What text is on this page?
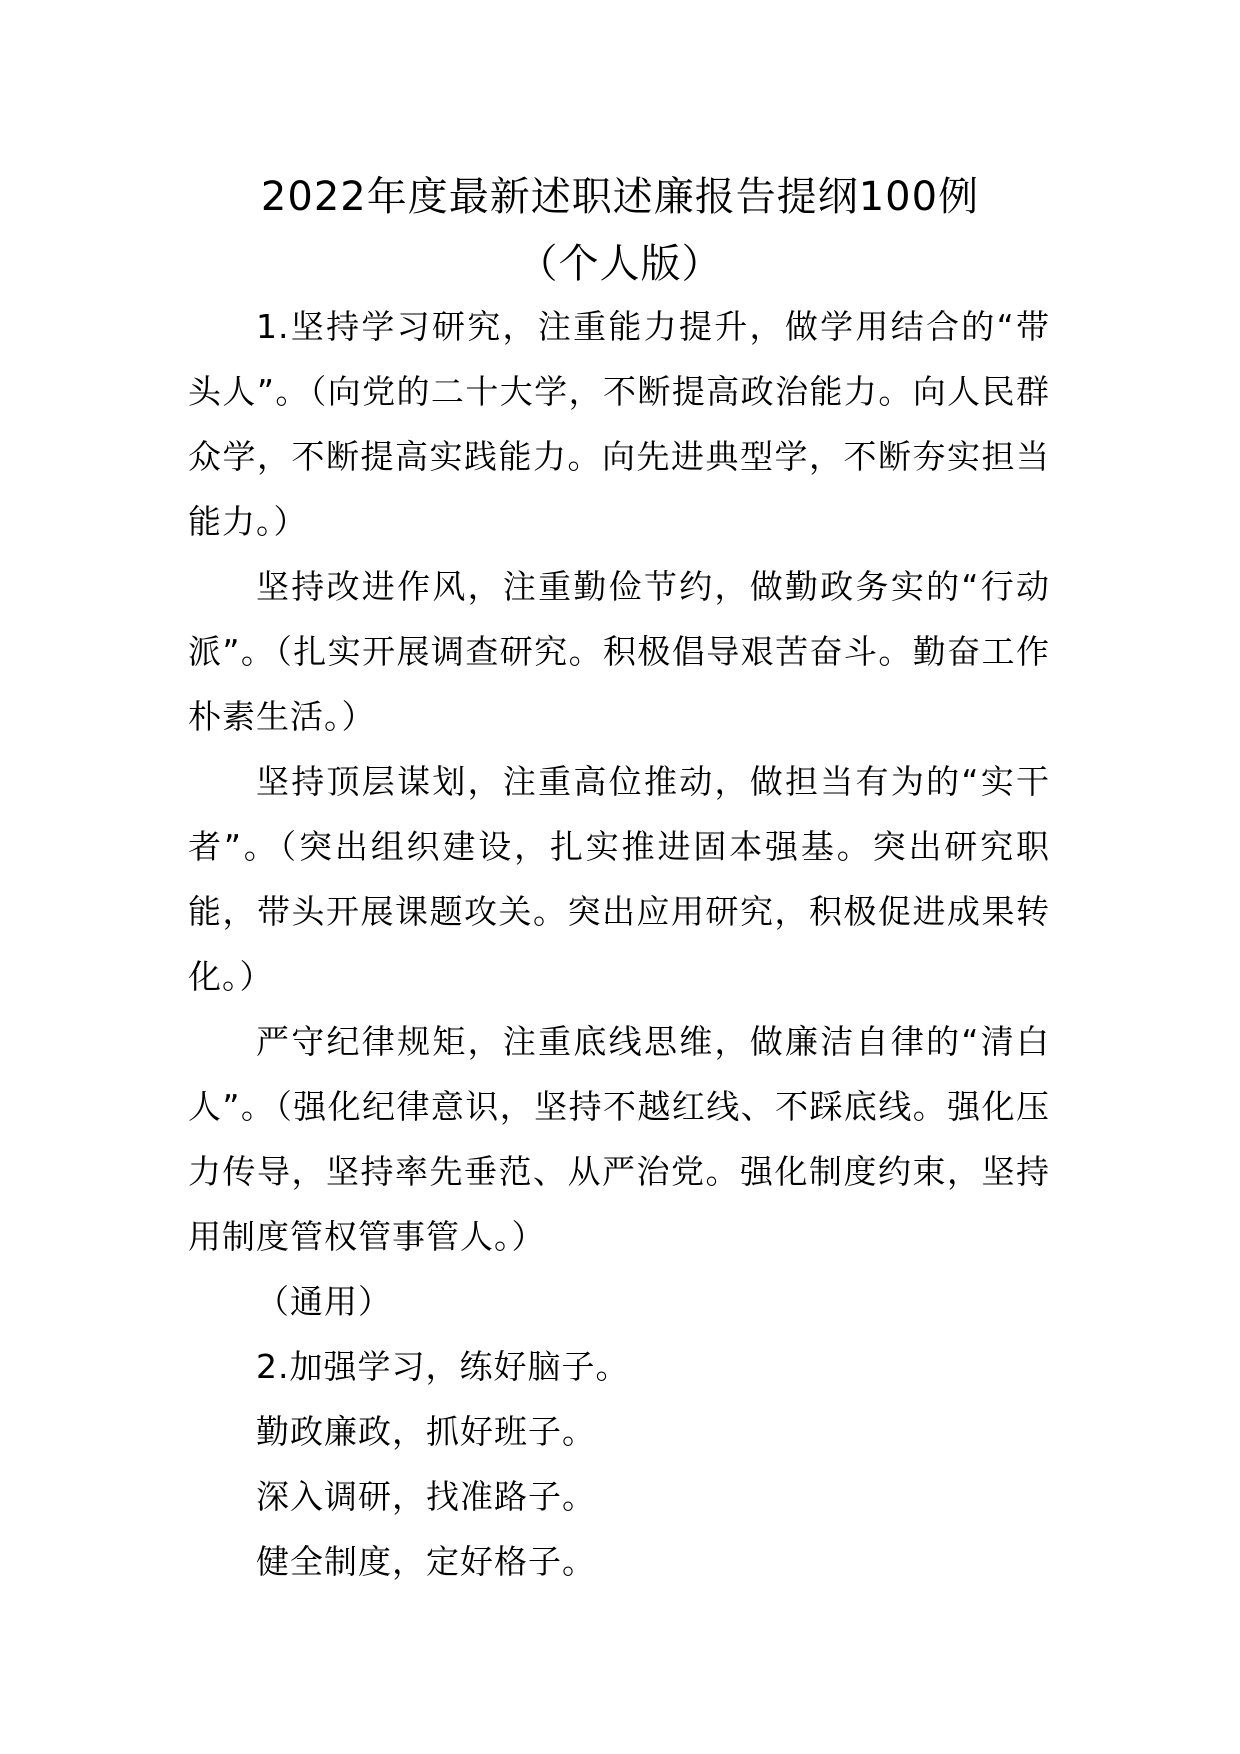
2022年度最新述职述廉报告提纲100例
（个人版）

1.坚持学习研究，注重能力提升，做学用结合的“带头人”。（向党的二十大学，不断提高政治能力。向人民群众学，不断提高实践能力。向先进典型学，不断夯实担当能力。）

坚持改进作风，注重勤俭节约，做勤政务实的“行动派”。（扎实开展调查研究。积极倡导艰苦奋斗。勤奋工作朴素生活。）

坚持顶层谋划，注重高位推动，做担当有为的“实干者”。（突出组织建设，扎实推进固本强基。突出研究职能，带头开展课题攻关。突出应用研究，积极促进成果转化。）

严守纪律规矩，注重底线思维，做廉洁自律的“清白人”。（强化纪律意识，坚持不越红线、不踩底线。强化压力传导，坚持率先垂范、从严治党。强化制度约束，坚持用制度管权管事管人。）

（通用）

2.加强学习，练好脑子。

勤政廉政，抓好班子。

深入调研，找准路子。

健全制度，定好格子。
